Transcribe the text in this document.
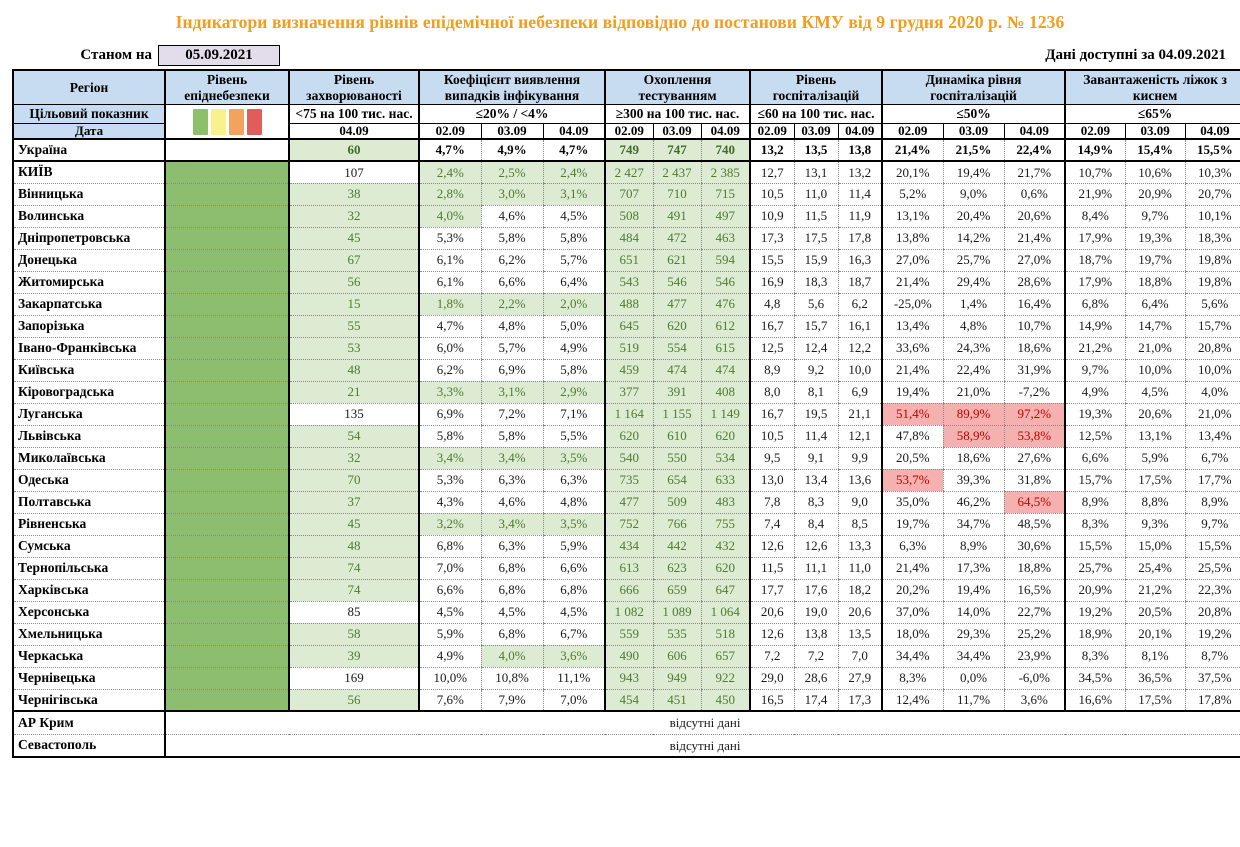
Індикатори визначення рівнів епідемічної небезпеки відповідно до постанови КМУ від 9 грудня 2020 р. № 1236
Станом на	05.09.2021	Дані доступні за 04.09.2021
Регіон	Рівень епіднебезпеки	Рівень захворюваності	Коефіцієнт виявлення випадків інфікування			Охоплення тестуванням			Рівень госпіталізацій			Динаміка рівня госпіталізацій			Завантаженість ліжок з киснем		
Цільовий показник		<75 на 100 тис. нас.	≤20% / <4%			≥300 на 100 тис. нас.			≤60 на 100 тис. нас.			≤50%			≤65%		
Дата		04.09	02.09	03.09	04.09	02.09	03.09	04.09	02.09	03.09	04.09	02.09	03.09	04.09	02.09	03.09	04.09
Україна		60	4,7%	4,9%	4,7%	749	747	740	13,2	13,5	13,8	21,4%	21,5%	22,4%	14,9%	15,4%	15,5%
КИЇВ		107	2,4%	2,5%	2,4%	2 427	2 437	2 385	12,7	13,1	13,2	20,1%	19,4%	21,7%	10,7%	10,6%	10,3%
Вінницька		38	2,8%	3,0%	3,1%	707	710	715	10,5	11,0	11,4	5,2%	9,0%	0,6%	21,9%	20,9%	20,7%
Волинська		32	4,0%	4,6%	4,5%	508	491	497	10,9	11,5	11,9	13,1%	20,4%	20,6%	8,4%	9,7%	10,1%
Дніпропетровська		45	5,3%	5,8%	5,8%	484	472	463	17,3	17,5	17,8	13,8%	14,2%	21,4%	17,9%	19,3%	18,3%
Донецька		67	6,1%	6,2%	5,7%	651	621	594	15,5	15,9	16,3	27,0%	25,7%	27,0%	18,7%	19,7%	19,8%
Житомирська		56	6,1%	6,6%	6,4%	543	546	546	16,9	18,3	18,7	21,4%	29,4%	28,6%	17,9%	18,8%	19,8%
Закарпатська		15	1,8%	2,2%	2,0%	488	477	476	4,8	5,6	6,2	-25,0%	1,4%	16,4%	6,8%	6,4%	5,6%
Запорізька		55	4,7%	4,8%	5,0%	645	620	612	16,7	15,7	16,1	13,4%	4,8%	10,7%	14,9%	14,7%	15,7%
Івано-Франківська		53	6,0%	5,7%	4,9%	519	554	615	12,5	12,4	12,2	33,6%	24,3%	18,6%	21,2%	21,0%	20,8%
Київська		48	6,2%	6,9%	5,8%	459	474	474	8,9	9,2	10,0	21,4%	22,4%	31,9%	9,7%	10,0%	10,0%
Кіровоградська		21	3,3%	3,1%	2,9%	377	391	408	8,0	8,1	6,9	19,4%	21,0%	-7,2%	4,9%	4,5%	4,0%
Луганська		135	6,9%	7,2%	7,1%	1 164	1 155	1 149	16,7	19,5	21,1	51,4%	89,9%	97,2%	19,3%	20,6%	21,0%
Львівська		54	5,8%	5,8%	5,5%	620	610	620	10,5	11,4	12,1	47,8%	58,9%	53,8%	12,5%	13,1%	13,4%
Миколаївська		32	3,4%	3,4%	3,5%	540	550	534	9,5	9,1	9,9	20,5%	18,6%	27,6%	6,6%	5,9%	6,7%
Одеська		70	5,3%	6,3%	6,3%	735	654	633	13,0	13,4	13,6	53,7%	39,3%	31,8%	15,7%	17,5%	17,7%
Полтавська		37	4,3%	4,6%	4,8%	477	509	483	7,8	8,3	9,0	35,0%	46,2%	64,5%	8,9%	8,8%	8,9%
Рівненська		45	3,2%	3,4%	3,5%	752	766	755	7,4	8,4	8,5	19,7%	34,7%	48,5%	8,3%	9,3%	9,7%
Сумська		48	6,8%	6,3%	5,9%	434	442	432	12,6	12,6	13,3	6,3%	8,9%	30,6%	15,5%	15,0%	15,5%
Тернопільська		74	7,0%	6,8%	6,6%	613	623	620	11,5	11,1	11,0	21,4%	17,3%	18,8%	25,7%	25,4%	25,5%
Харківська		74	6,6%	6,8%	6,8%	666	659	647	17,7	17,6	18,2	20,2%	19,4%	16,5%	20,9%	21,2%	22,3%
Херсонська		85	4,5%	4,5%	4,5%	1 082	1 089	1 064	20,6	19,0	20,6	37,0%	14,0%	22,7%	19,2%	20,5%	20,8%
Хмельницька		58	5,9%	6,8%	6,7%	559	535	518	12,6	13,8	13,5	18,0%	29,3%	25,2%	18,9%	20,1%	19,2%
Черкаська		39	4,9%	4,0%	3,6%	490	606	657	7,2	7,2	7,0	34,4%	34,4%	23,9%	8,3%	8,1%	8,7%
Чернівецька		169	10,0%	10,8%	11,1%	943	949	922	29,0	28,6	27,9	8,3%	0,0%	-6,0%	34,5%	36,5%	37,5%
Чернігівська		56	7,6%	7,9%	7,0%	454	451	450	16,5	17,4	17,3	12,4%	11,7%	3,6%	16,6%	17,5%	17,8%
АР Крим	відсутні дані																
Севастополь	відсутні дані																
